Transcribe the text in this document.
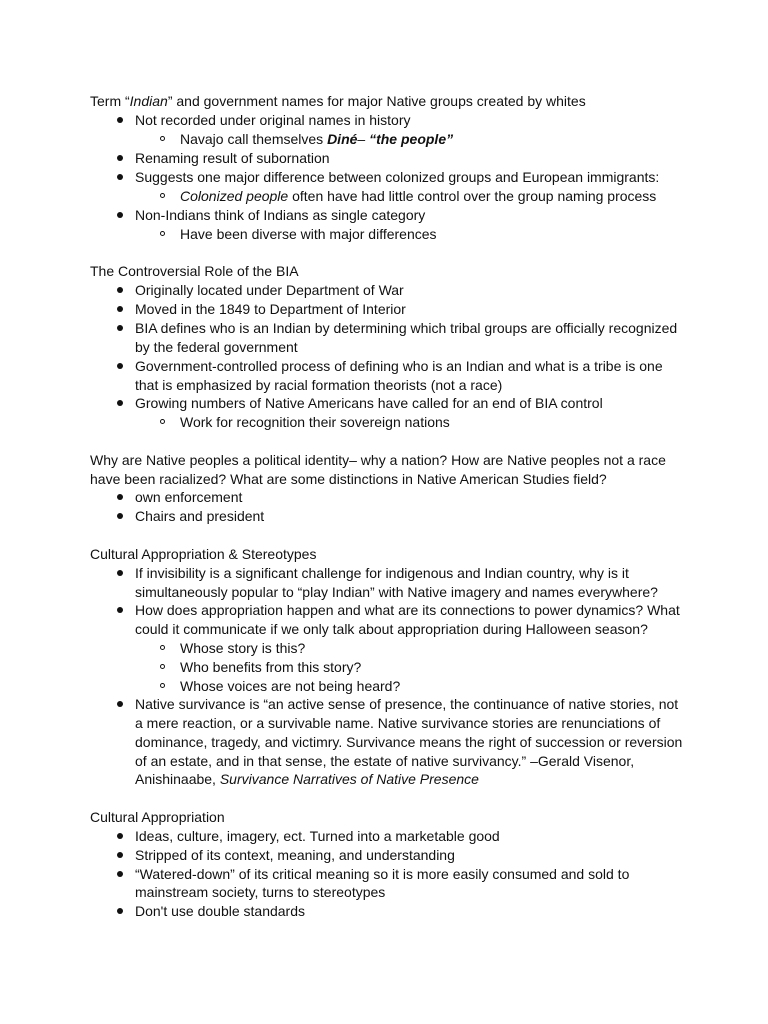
Term “Indian” and government names for major Native groups created by whites
Not recorded under original names in history
Navajo call themselves Diné– “the people”
Renaming result of subornation
Suggests one major difference between colonized groups and European immigrants:
Colonized people often have had little control over the group naming process
Non-Indians think of Indians as single category
Have been diverse with major differences
The Controversial Role of the BIA
Originally located under Department of War
Moved in the 1849 to Department of Interior
BIA defines who is an Indian by determining which tribal groups are officially recognized
by the federal government
Government-controlled process of defining who is an Indian and what is a tribe is one
that is emphasized by racial formation theorists (not a race)
Growing numbers of Native Americans have called for an end of BIA control
Work for recognition their sovereign nations
Why are Native peoples a political identity– why a nation? How are Native peoples not a race
have been racialized? What are some distinctions in Native American Studies field?
own enforcement
Chairs and president
Cultural Appropriation & Stereotypes
If invisibility is a significant challenge for indigenous and Indian country, why is it
simultaneously popular to “play Indian” with Native imagery and names everywhere?
How does appropriation happen and what are its connections to power dynamics? What
could it communicate if we only talk about appropriation during Halloween season?
Whose story is this?
Who benefits from this story?
Whose voices are not being heard?
Native survivance is “an active sense of presence, the continuance of native stories, not
a mere reaction, or a survivable name. Native survivance stories are renunciations of
dominance, tragedy, and victimry. Survivance means the right of succession or reversion
of an estate, and in that sense, the estate of native survivancy.” –Gerald Visenor,
Anishinaabe, Survivance Narratives of Native Presence
Cultural Appropriation
Ideas, culture, imagery, ect. Turned into a marketable good
Stripped of its context, meaning, and understanding
“Watered-down” of its critical meaning so it is more easily consumed and sold to
mainstream society, turns to stereotypes
Don't use double standards
